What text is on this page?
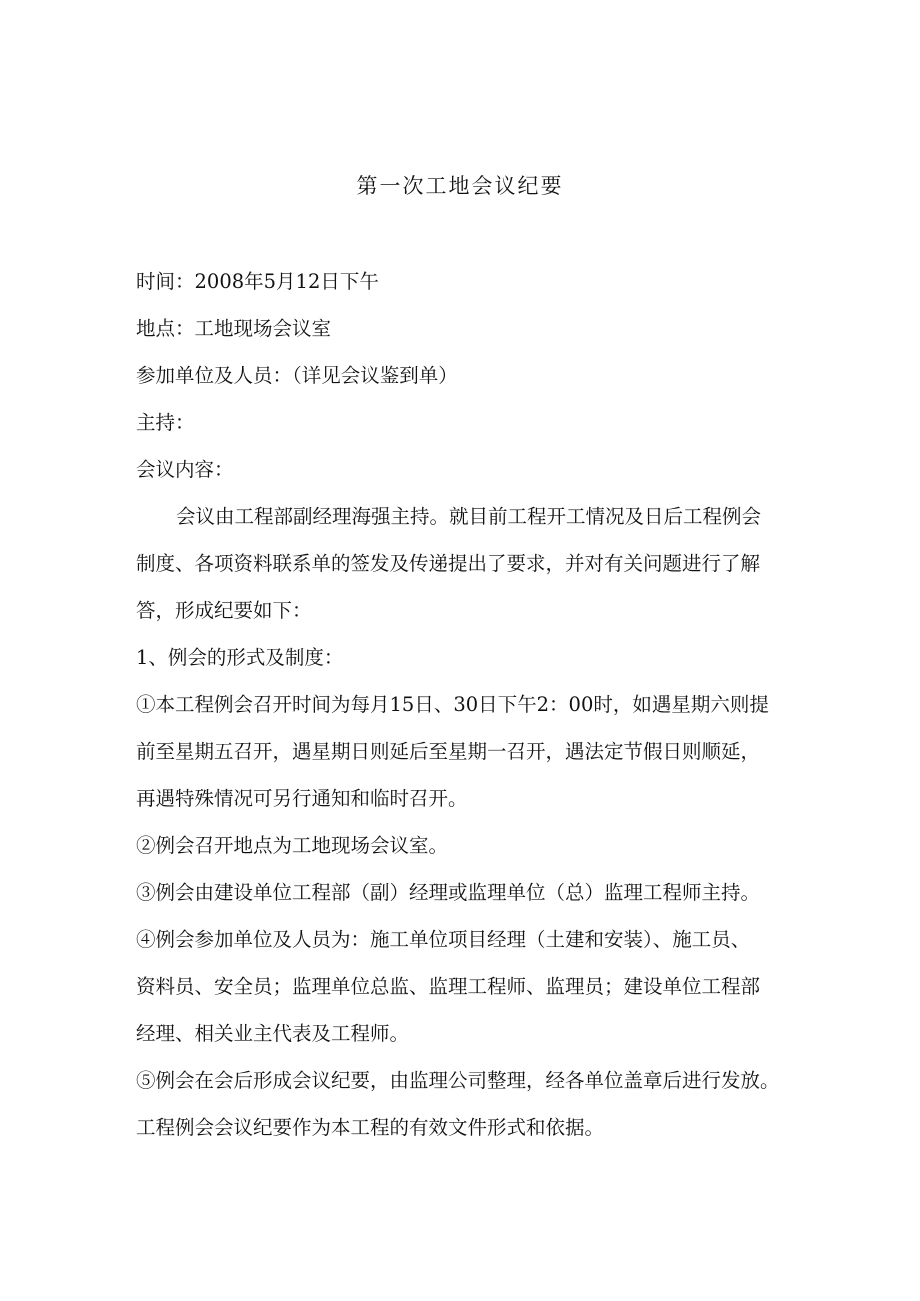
第一次工地会议纪要

时间：2008年5月12日下午

地点：工地现场会议室

参加单位及人员：（详见会议鉴到单）

主持：

会议内容：

会议由工程部副经理海强主持。就目前工程开工情况及日后工程例会

制度、各项资料联系单的签发及传递提出了要求，并对有关问题进行了解

答，形成纪要如下：

1、例会的形式及制度：

①本工程例会召开时间为每月15日、30日下午2：00时，如遇星期六则提

前至星期五召开，遇星期日则延后至星期一召开，遇法定节假日则顺延，

再遇特殊情况可另行通知和临时召开。

②例会召开地点为工地现场会议室。

③例会由建设单位工程部（副）经理或监理单位（总）监理工程师主持。

④例会参加单位及人员为：施工单位项目经理（土建和安装）、施工员、

资料员、安全员；监理单位总监、监理工程师、监理员；建设单位工程部

经理、相关业主代表及工程师。

⑤例会在会后形成会议纪要，由监理公司整理，经各单位盖章后进行发放。

工程例会会议纪要作为本工程的有效文件形式和依据。
